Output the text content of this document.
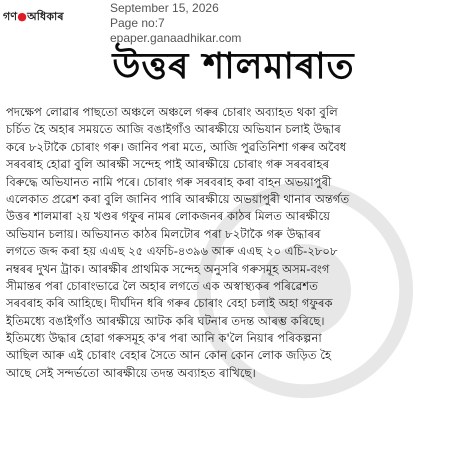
গণ●অধিকাৰ
September 15, 2026
Page no:7
epaper.ganaadhikar.com
উত্তৰ শালমাৰাত
পদক্ষেপ লোৱাৰ পাছতো অঞ্চলে অঞ্চলে গৰুৰ চোৰাং অব্যাহত থকা বুলি
চৰ্চিত হৈ অহাৰ সময়তে আজি বঙাইগাঁও আৰক্ষীয়ে অভিযান চলাই উদ্ধাৰ
কৰে ৮২টাকৈ চোৰাং গৰু। জানিব পৰা মতে, আজি পুৱতিনিশা গৰুৰ অবৈধ
সৰবৰাহ হোৱা বুলি আৰক্ষী সন্দেহ পাই আৰক্ষীয়ে চোৰাং গৰু সৰবৰাহৰ
বিৰুদ্ধে অভিযানত নামি পৰে। চোৰাং গৰু সৰবৰাহ কৰা বাহন অভয়াপুৰী
এলেকাত প্ৰৱেশ কৰা বুলি জানিব পাৰি আৰক্ষীয়ে অভয়াপুৰী থানাৰ অন্তৰ্গত
উত্তৰ শালমাৰা ২য় খণ্ডৰ গফুৰ নামৰ লোকজনৰ কাঠৰ মিলত আৰক্ষীয়ে
অভিযান চলায়। অভিযানত কাঠৰ মিলটোৰ পৰা ৮২টাকৈ গৰু উদ্ধাৰৰ
লগতে জব্দ কৰা হয় এএছ ২৫ এফচি-৪৩৯৬ আৰু এএছ ২০ এচি-২৮০৮
নম্বৰৰ দুখন ট্ৰাক। আৰক্ষীৰ প্ৰাথমিক সন্দেহ অনুসৰি গৰুসমূহ অসম-বংগ
সীমান্তৰ পৰা চোৰাংভাৱে লৈ অহাৰ লগতে এক অস্বাস্থ্যকৰ পৰিৱেশত
সৰবৰাহ কৰি আহিছে। দীৰ্ঘদিন ধৰি গৰুৰ চোৰাং বেহা চলাই অহা গফুৰক
ইতিমধ্যে বঙাইগাঁও আৰক্ষীয়ে আটক কৰি ঘটনাৰ তদন্ত আৰম্ভ কৰিছে।
ইতিমধ্যে উদ্ধাৰ হোৱা গৰুসমূহ ক'ৰ পৰা আনি ক'লৈ নিয়াৰ পৰিকল্পনা
আছিল আৰু এই চোৰাং বেহাৰ সৈতে আন কোন কোন লোক জড়িত হৈ
আছে সেই সন্দৰ্ভতো আৰক্ষীয়ে তদন্ত অব্যাহত ৰাখিছে।
